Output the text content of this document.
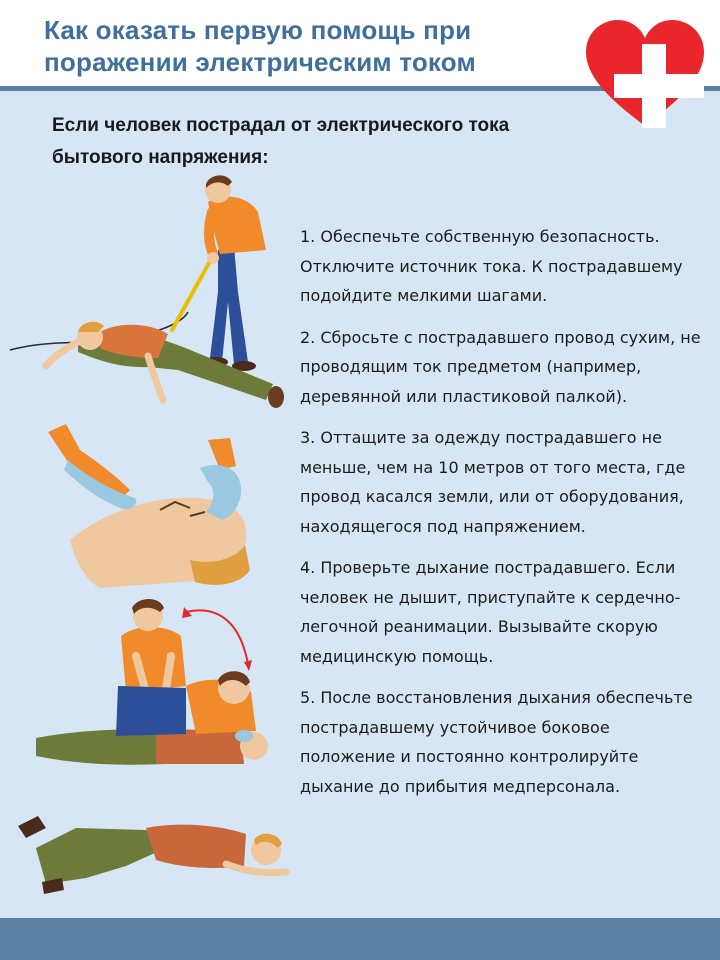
Как оказать первую помощь при поражении электрическим током
Если человек пострадал от электрического тока бытового напряжения:
1. Обеспечьте собственную безопасность. Отключите источник тока. К пострадавшему подойдите мелкими шагами.
2. Сбросьте с пострадавшего провод сухим, не проводящим ток предметом (например, деревянной или пластиковой палкой).
3. Оттащите за одежду пострадавшего не меньше, чем на 10 метров от того места, где провод касался земли, или от оборудования, находящегося под напряжением.
4. Проверьте дыхание пострадавшего. Если человек не дышит, приступайте к сердечно-легочной реанимации. Вызывайте скорую медицинскую помощь.
5. После восстановления дыхания обеспечьте пострадавшему устойчивое боковое положение и постоянно контролируйте дыхание до прибытия медперсонала.
